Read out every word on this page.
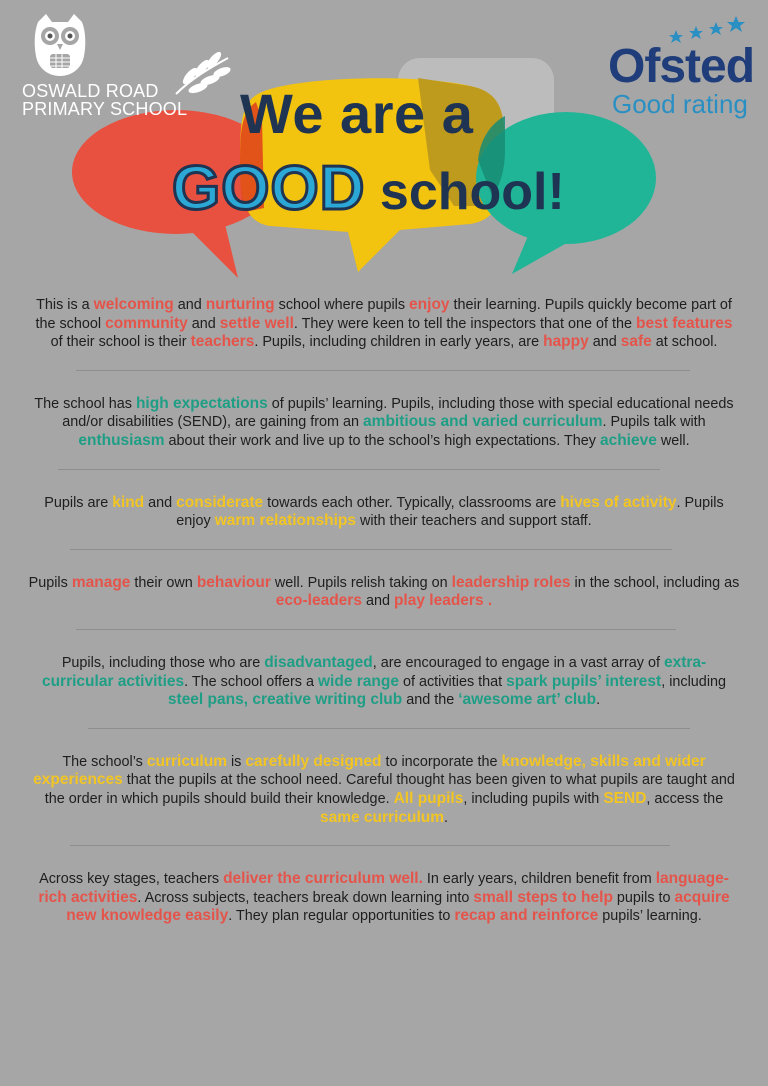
We are a
GOOD school!
OSWALD ROAD
PRIMARY SCHOOL
Ofsted
Good rating

This is a welcoming and nurturing school where pupils enjoy their learning. Pupils quickly become part of the school community and settle well. They were keen to tell the inspectors that one of the best features of their school is their teachers. Pupils, including children in early years, are happy and safe at school.

The school has high expectations of pupils’ learning. Pupils, including those with special educational needs and/or disabilities (SEND), are gaining from an ambitious and varied curriculum. Pupils talk with enthusiasm about their work and live up to the school’s high expectations. They achieve well.

Pupils are kind and considerate towards each other. Typically, classrooms are hives of activity. Pupils enjoy warm relationships with their teachers and support staff.

Pupils manage their own behaviour well. Pupils relish taking on leadership roles in the school, including as eco-leaders and play leaders .

Pupils, including those who are disadvantaged, are encouraged to engage in a vast array of extra-curricular activities. The school offers a wide range of activities that spark pupils’ interest, including steel pans, creative writing club and the ‘awesome art’ club.

The school’s curriculum is carefully designed to incorporate the knowledge, skills and wider experiences that the pupils at the school need. Careful thought has been given to what pupils are taught and the order in which pupils should build their knowledge. All pupils, including pupils with SEND, access the same curriculum.

Across key stages, teachers deliver the curriculum well. In early years, children benefit from language-rich activities. Across subjects, teachers break down learning into small steps to help pupils to acquire new knowledge easily. They plan regular opportunities to recap and reinforce pupils’ learning.
